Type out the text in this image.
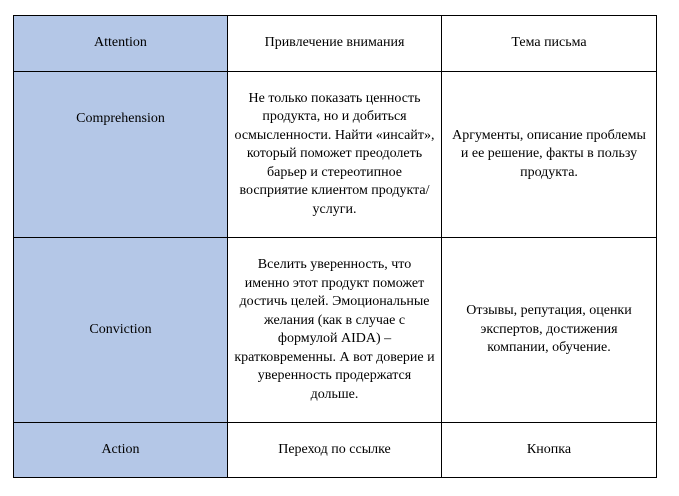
Attention	Привлечение внимания	Тема письма
Comprehension	Не только показать ценность продукта, но и добиться осмысленности. Найти «инсайт», который поможет преодолеть барьер и стереотипное восприятие клиентом продукта/услуги.	Аргументы, описание проблемы и ее решение, факты в пользу продукта.
Conviction	Вселить уверенность, что именно этот продукт поможет достичь целей. Эмоциональные желания (как в случае с формулой AIDA) – кратковременны. А вот доверие и уверенность продержатся дольше.	Отзывы, репутация, оценки экспертов, достижения компании, обучение.
Action	Переход по ссылке	Кнопка
